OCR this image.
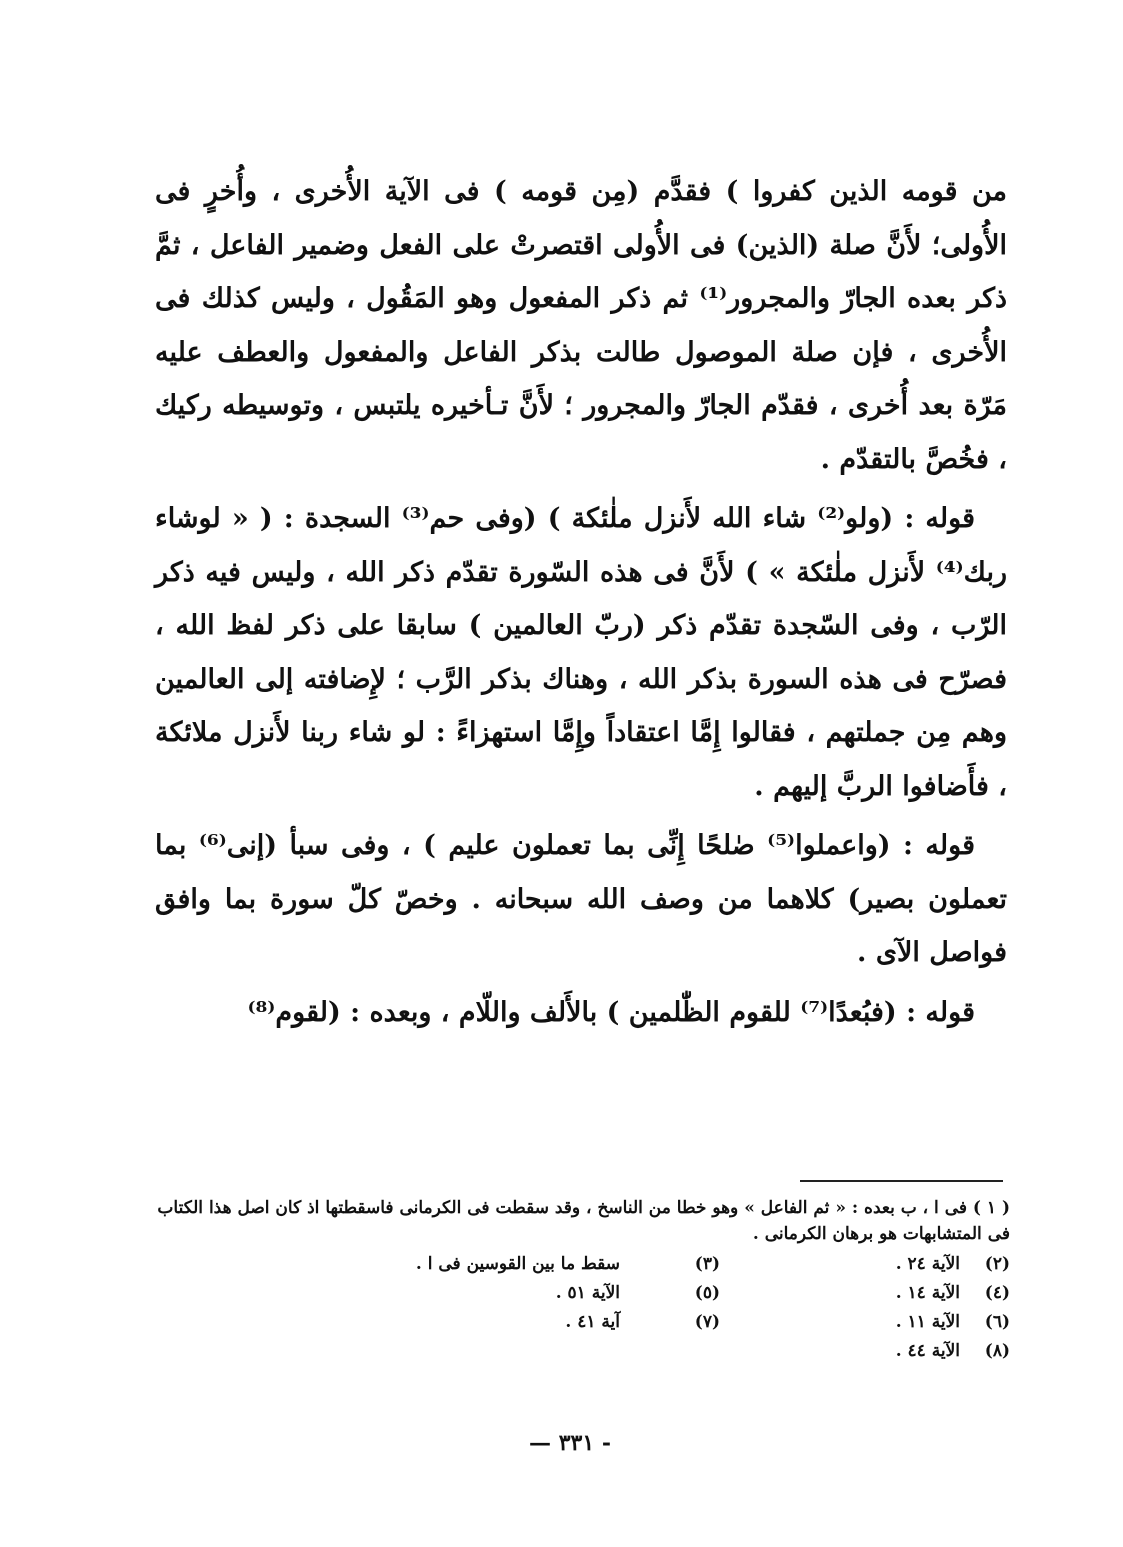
من قومه الذين كفروا ) فقدَّم (مِن قومه ) فى الآية الأُخرى ، وأُخرٍ فى الأُولى؛ لأَنَّ صلة (الذين) فى الأُولى اقتصرتْ على الفعل وضمير الفاعل ، ثمَّ ذكر بعده الجارّ والمجرور⁽¹⁾ ثم ذكر المفعول وهو المَقُول ، وليس كذلك فى الأُخرى ، فإن صلة الموصول طالت بذكر الفاعل والمفعول والعطف عليه مَرّة بعد أُخرى ، فقدّم الجارّ والمجرور ؛ لأَنَّ تـأخيره يلتبس ، وتوسيطه ركيك ، فخُصَّ بالتقدّم .

قوله : (ولو⁽²⁾ شاء الله لأَنزل ملٰئكة ) (وفى حم⁽³⁾ السجدة : ( « لوشاء ربك⁽⁴⁾ لأَنزل ملٰئكة » ) لأَنَّ فى هذه السّورة تقدّم ذكر الله ، وليس فيه ذكر الرّب ، وفى السّجدة تقدّم ذكر (ربّ العالمين ) سابقا على ذكر لفظ الله ، فصرّح فى هذه السورة بذكر الله ، وهناك بذكر الرَّب ؛ لإِضافته إلى العالمين وهم مِن جملتهم ، فقالوا إِمَّا اعتقاداً وإِمَّا استهزاءً : لو شاء ربنا لأَنزل ملائكة ، فأَضافوا الربَّ إليهم .

قوله : (واعملوا⁽⁵⁾ صٰلحًا إِنِّى بما تعملون عليم ) ، وفى سبأ (إنى⁽⁶⁾ بما تعملون بصير) كلاهما من وصف الله سبحانه . وخصّ كلّ سورة بما وافق فواصل الآى .

قوله : (فبُعدًا⁽⁷⁾ للقوم الظّٰلمين ) بالأَلف واللّام ، وبعده : (لقوم⁽⁸⁾

( ١ ) فى ا ، ب بعده : « ثم الفاعل » وهو خطا من الناسخ ، وقد سقطت فى الكرمانى فاسقطتها اذ كان اصل هذا الكتاب فى المتشابهات هو برهان الكرمانى .

(٢)
الآية ٢٤ .
(٣)
سقط ما بين القوسين فى ا .
(٤)
الآية ١٤ .
(٥)
الآية ٥١ .
(٦)
الآية ١١ .
(٧)
آية ٤١ .
(٨)
الآية ٤٤ .
— ٣٣١ -
